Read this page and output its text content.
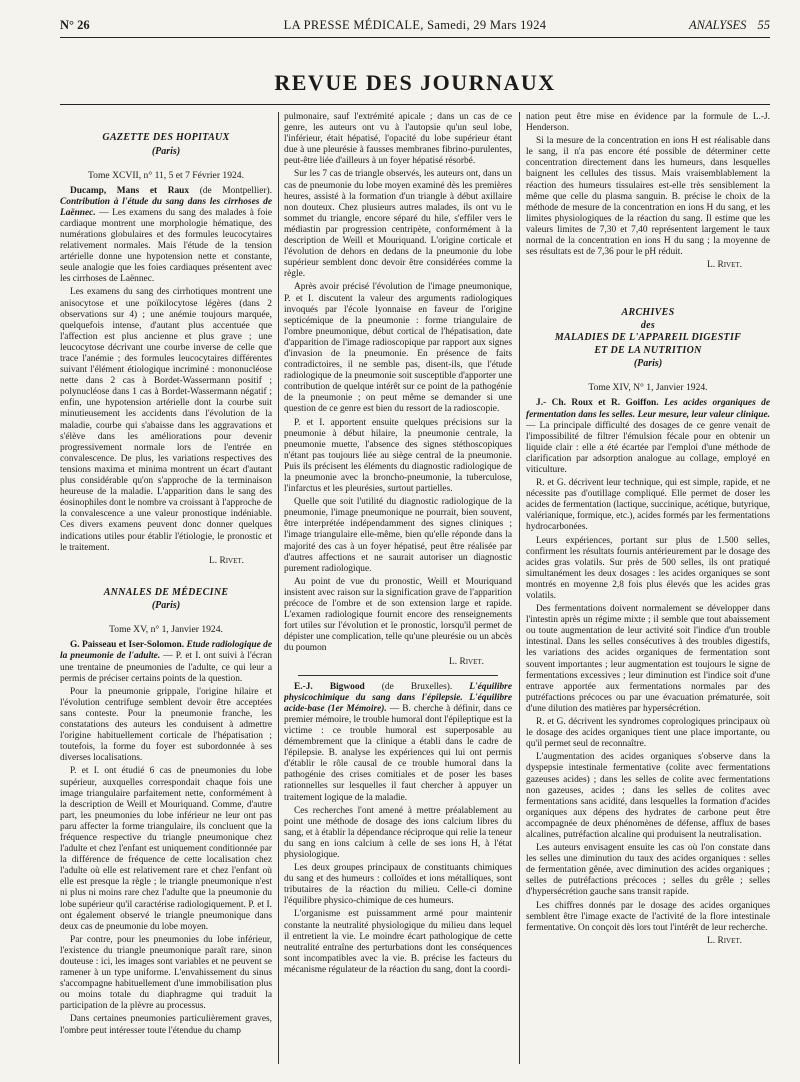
N° 26	LA PRESSE MÉDICALE, Samedi, 29 Mars 1924	ANALYSES 55
REVUE DES JOURNAUX
GAZETTE DES HOPITAUX
(Paris)
Tome XCVII, n° 11, 5 et 7 Février 1924.

Ducamp, Mans et Raux (de Montpellier). Contribution à l'étude du sang dans les cirrhoses de Laënnec. — Les examens du sang des malades à foie cardiaque montrent une morphologie hématique, des numérations globulaires et des formules leucocytaires relativement normales. Mais l'étude de la tension artérielle donne une hypotension nette et constante, seule analogie que les foies cardiaques présentent avec les cirrhoses de Laënnec.

Les examens du sang des cirrhotiques montrent une anisocytose et une poïkilocytose légères (dans 2 observations sur 4) ; une anémie toujours marquée, quelquefois intense, d'autant plus accentuée que l'affection est plus ancienne et plus grave ; une leucocytose décrivant une courbe inverse de celle que trace l'anémie ; des formules leucocytaires différentes suivant l'élément étiologique incriminé : mononucléose nette dans 2 cas à Bordet-Wassermann positif ; polynucléose dans 1 cas à Bordet-Wassermann négatif ; enfin, une hypotension artérielle dont la courbe suit minutieusement les accidents dans l'évolution de la maladie, courbe qui s'abaisse dans les aggravations et s'élève dans les améliorations pour devenir progressivement normale lors de l'entrée en convalescence. De plus, les variations respectives des tensions maxima et minima montrent un écart d'autant plus considérable qu'on s'approche de la terminaison heureuse de la maladie. L'apparition dans le sang des éosinophiles dont le nombre va croissant à l'approche de la convalescence a une valeur pronostique indéniable. Ces divers examens peuvent donc donner quelques indications utiles pour établir l'étiologie, le pronostic et le traitement.

L. Rivet.
ANNALES DE MÉDECINE
(Paris)
Tome XV, n° 1, Janvier 1924.

G. Paisseau et Iser-Solomon. Etude radiologique de la pneumonie de l'adulte. — P. et I. ont suivi à l'écran une trentaine de pneumonies de l'adulte, ce qui leur a permis de préciser certains points de la question.

Pour la pneumonie grippale, l'origine hilaire et l'évolution centrifuge semblent devoir être acceptées sans conteste. Pour la pneumonie franche, les constatations des auteurs les conduisent à admettre l'origine habituellement corticale de l'hépatisation ; toutefois, la forme du foyer est subordonnée à ses diverses localisations.

P. et I. ont étudié 6 cas de pneumonies du lobe supérieur, auxquelles correspondait chaque fois une image triangulaire parfaitement nette, conformément à la description de Weill et Mouriquand. Comme, d'autre part, les pneumonies du lobe inférieur ne leur ont pas paru affecter la forme triangulaire, ils concluent que la fréquence respective du triangle pneumonique chez l'adulte et chez l'enfant est uniquement conditionnée par la différence de fréquence de cette localisation chez l'adulte où elle est relativement rare et chez l'enfant où elle est presque la règle ; le triangle pneumonique n'est ni plus ni moins rare chez l'adulte que la pneumonie du lobe supérieur qu'il caractérise radiologiquement. P. et I. ont également observé le triangle pneumonique dans deux cas de pneumonie du lobe moyen.

Par contre, pour les pneumonies du lobe inférieur, l'existence du triangle pneumonique paraît rare, sinon douteuse : ici, les images sont variables et ne peuvent se ramener à un type uniforme. L'envahissement du sinus s'accompagne habituellement d'une immobilisation plus ou moins totale du diaphragme qui traduit la participation de la plèvre au processus.

Dans certaines pneumonies particulièrement graves, l'ombre peut intéresser toute l'étendue du champ

pulmonaire, sauf l'extrémité apicale ; dans un cas de ce genre, les auteurs ont vu à l'autopsie qu'un seul lobe, l'inférieur, était hépatisé, l'opacité du lobe supérieur étant due à une pleurésie à fausses membranes fibrino-purulentes, peut-être liée d'ailleurs à un foyer hépatisé résorbé.

Sur les 7 cas de triangle observés, les auteurs ont, dans un cas de pneumonie du lobe moyen examiné dès les premières heures, assisté à la formation d'un triangle à début axillaire non douteux. Chez plusieurs autres malades, ils ont vu le sommet du triangle, encore séparé du hile, s'effiler vers le médiastin par progression centripète, conformément à la description de Weill et Mouriquand. L'origine corticale et l'évolution de dehors en dedans de la pneumonie du lobe supérieur semblent donc devoir être considérées comme la règle.

Après avoir précisé l'évolution de l'image pneumonique, P. et I. discutent la valeur des arguments radiologiques invoqués par l'école lyonnaise en faveur de l'origine septicémique de la pneumonie : forme triangulaire de l'ombre pneumonique, début cortical de l'hépatisation, date d'apparition de l'image radioscopique par rapport aux signes d'invasion de la pneumonie. En présence de faits contradictoires, il ne semble pas, disent-ils, que l'étude radiologique de la pneumonie soit susceptible d'apporter une contribution de quelque intérêt sur ce point de la pathogénie de la pneumonie ; on peut même se demander si une question de ce genre est bien du ressort de la radioscopie.

P. et I. apportent ensuite quelques précisions sur la pneumonie à début hilaire, la pneumonie centrale, la pneumonie muette, l'absence des signes stéthoscopiques n'étant pas toujours liée au siège central de la pneumonie. Puis ils précisent les éléments du diagnostic radiologique de la pneumonie avec la broncho-pneumonie, la tuberculose, l'infarctus et les pleurésies, surtout partielles.

Quelle que soit l'utilité du diagnostic radiologique de la pneumonie, l'image pneumonique ne pourrait, bien souvent, être interprétée indépendamment des signes cliniques ; l'image triangulaire elle-même, bien qu'elle réponde dans la majorité des cas à un foyer hépatisé, peut être réalisée par d'autres affections et ne saurait autoriser un diagnostic purement radiologique.

Au point de vue du pronostic, Weill et Mouriquand insistent avec raison sur la signification grave de l'apparition précoce de l'ombre et de son extension large et rapide. L'examen radiologique fournit encore des renseignements fort utiles sur l'évolution et le pronostic, lorsqu'il permet de dépister une complication, telle qu'une pleurésie ou un abcès du poumon

L. Rivet.

E.-J. Bigwood (de Bruxelles). L'équilibre physicochimique du sang dans l'épilepsie. L'équilibre acide-base (1er Mémoire). — B. cherche à définir, dans ce premier mémoire, le trouble humoral dont l'épileptique est la victime : ce trouble humoral est superposable au démembrement que la clinique a établi dans le cadre de l'épilepsie. B. analyse les expériences qui lui ont permis d'établir le rôle causal de ce trouble humoral dans la pathogénie des crises comitiales et de poser les bases rationnelles sur lesquelles il faut chercher à appuyer un traitement logique de la maladie.

Ces recherches l'ont amené à mettre préalablement au point une méthode de dosage des ions calcium libres du sang, et à établir la dépendance réciproque qui relie la teneur du sang en ions calcium à celle de ses ions H, à l'état physiologique.

Les deux groupes principaux de constituants chimiques du sang et des humeurs : colloïdes et ions métalliques, sont tributaires de la réaction du milieu. Celle-ci domine l'équilibre physico-chimique de ces humeurs.

L'organisme est puissamment armé pour maintenir constante la neutralité physiologique du milieu dans lequel il entretient la vie. Le moindre écart pathologique de cette neutralité entraîne des perturbations dont les conséquences sont incompatibles avec la vie. B. précise les facteurs du mécanisme régulateur de la réaction du sang, dont la coordi-

nation peut être mise en évidence par la formule de L.-J. Henderson.

Si la mesure de la concentration en ions H est réalisable dans le sang, il n'a pas encore été possible de déterminer cette concentration directement dans les humeurs, dans lesquelles baignent les cellules des tissus. Mais vraisemblablement la réaction des humeurs tissulaires est-elle très sensiblement la même que celle du plasma sanguin. B. précise le choix de la méthode de mesure de la concentration en ions H du sang, et les limites physiologiques de la réaction du sang. Il estime que les valeurs limites de 7,30 et 7,40 représentent largement le taux normal de la concentration en ions H du sang ; la moyenne de ses résultats est de 7,36 pour le pH réduit.

L. Rivet.
ARCHIVES
des
MALADIES DE L'APPAREIL DIGESTIF
ET DE LA NUTRITION
(Paris)
Tome XIV, N° 1, Janvier 1924.

J.- Ch. Roux et R. Goiffon. Les acides organiques de fermentation dans les selles. Leur mesure, leur valeur clinique. — La principale difficulté des dosages de ce genre venait de l'impossibilité de filtrer l'émulsion fécale pour en obtenir un liquide clair : elle a été écartée par l'emploi d'une méthode de clarification par adsorption analogue au collage, employé en viticulture.

R. et G. décrivent leur technique, qui est simple, rapide, et ne nécessite pas d'outillage compliqué. Elle permet de doser les acides de fermentation (lactique, succinique, acétique, butyrique, valérianique, formique, etc.), acides formés par les fermentations hydrocarbonées.

Leurs expériences, portant sur plus de 1.500 selles, confirment les résultats fournis antérieurement par le dosage des acides gras volatils. Sur près de 500 selles, ils ont pratiqué simultanément les deux dosages : les acides organiques se sont montrés en moyenne 2,8 fois plus élevés que les acides gras volatils.

Des fermentations doivent normalement se développer dans l'intestin après un régime mixte ; il semble que tout abaissement ou toute augmentation de leur activité soit l'indice d'un trouble intestinal. Dans les selles consécutives à des troubles digestifs, les variations des acides organiques de fermentation sont souvent importantes ; leur augmentation est toujours le signe de fermentations excessives ; leur diminution est l'indice soit d'une entrave apportée aux fermentations normales par des putréfactions précoces ou par une évacuation prématurée, soit d'une dilution des matières par hypersécrétion.

R. et G. décrivent les syndromes coprologiques principaux où le dosage des acides organiques tient une place importante, ou qu'il permet seul de reconnaître.

L'augmentation des acides organiques s'observe dans la dyspepsie intestinale fermentative (colite avec fermentations gazeuses acides) ; dans les selles de colite avec fermentations non gazeuses, acides ; dans les selles de colites avec fermentations sans acidité, dans lesquelles la formation d'acides organiques aux dépens des hydrates de carbone peut être accompagnée de deux phénomènes de défense, afflux de bases alcalines, putréfaction alcaline qui produisent la neutralisation.

Les auteurs envisagent ensuite les cas où l'on constate dans les selles une diminution du taux des acides organiques : selles de fermentation gênée, avec diminution des acides organiques ; selles de putréfactions précoces ; selles du grêle ; selles d'hypersécrétion gauche sans transit rapide.

Les chiffres donnés par le dosage des acides organiques semblent être l'image exacte de l'activité de la flore intestinale fermentative. On conçoit dès lors tout l'intérêt de leur recherche.

L. Rivet.
